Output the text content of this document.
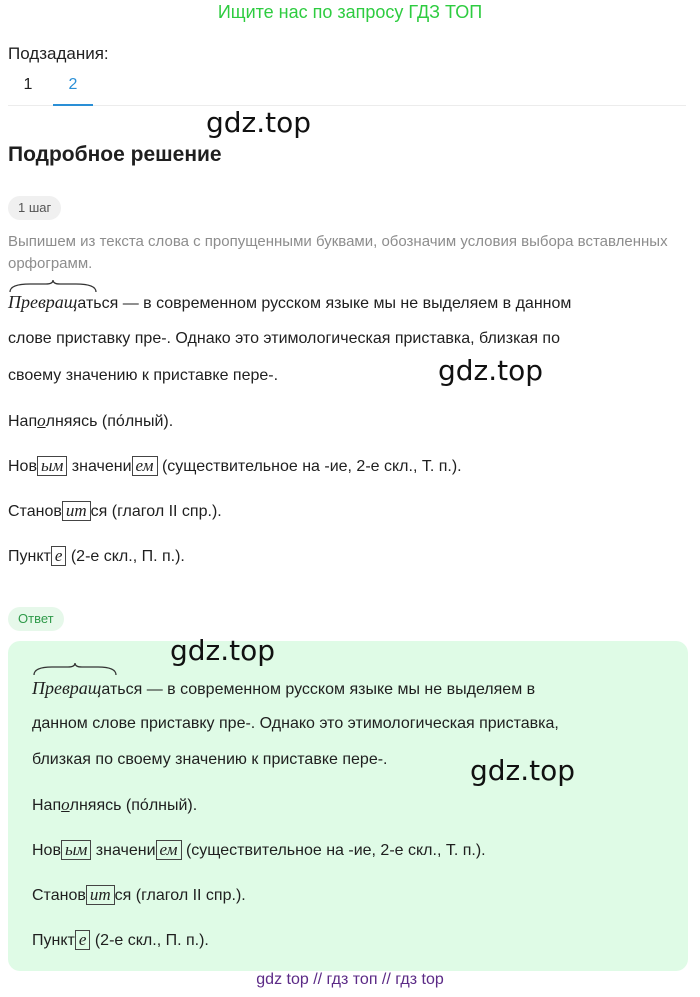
Ищите нас по запросу ГДЗ ТОП
Подзадания:
1	2
gdz.top
Подробное решение
1 шаг
Выпишем из текста слова с пропущенными буквами, обозначим условия выбора вставленных орфограмм.
Превращаться — в современном русском языке мы не выделяем в данном
слове приставку пре-. Однако это этимологическая приставка, близкая по
своему значению к приставке пере-.	gdz.top
Наполняясь (по́лный).
Нов ым значени ем (существительное на -ие, 2-е скл., Т. п.).
Станов ит ся (глагол II спр.).
Пункт е (2-е скл., П. п.).
Ответ
gdz.top
Превращаться — в современном русском языке мы не выделяем в
данном слове приставку пре-. Однако это этимологическая приставка,
близкая по своему значению к приставке пере-.	gdz.top
Наполняясь (по́лный).
Нов ым значени ем (существительное на -ие, 2-е скл., Т. п.).
Станов ит ся (глагол II спр.).
Пункт е (2-е скл., П. п.).
gdz top // гдз топ // гдз top
